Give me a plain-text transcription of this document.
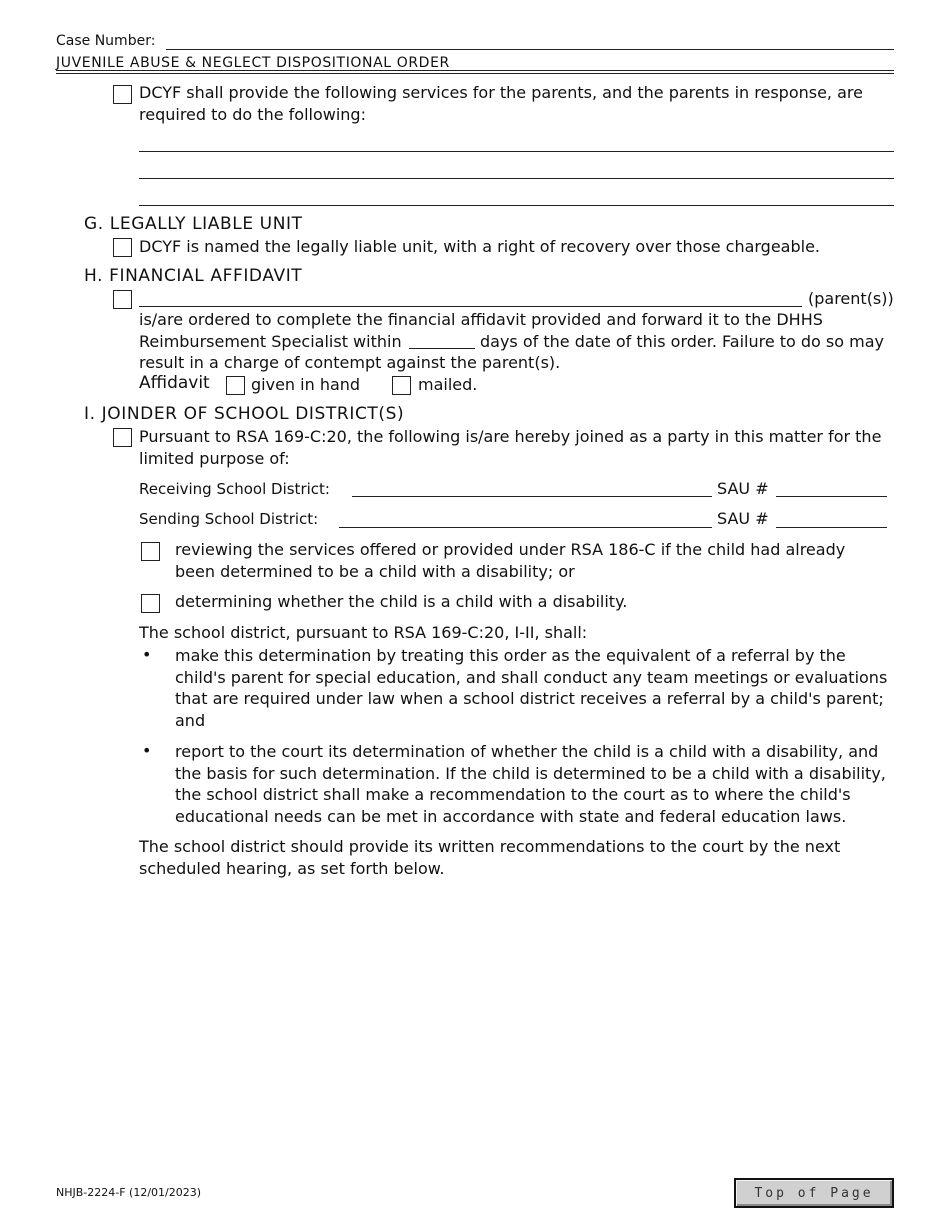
Case Number:
JUVENILE ABUSE & NEGLECT DISPOSITIONAL ORDER
DCYF shall provide the following services for the parents, and the parents in response, are required to do the following:
G. LEGALLY LIABLE UNIT
DCYF is named the legally liable unit, with a right of recovery over those chargeable.
H. FINANCIAL AFFIDAVIT
(parent(s))
is/are ordered to complete the financial affidavit provided and forward it to the DHHS
Reimbursement Specialist within	days of the date of this order. Failure to do so may
result in a charge of contempt against the parent(s).
Affidavit	given in hand	mailed.
I. JOINDER OF SCHOOL DISTRICT(S)
Pursuant to RSA 169-C:20, the following is/are hereby joined as a party in this matter for the limited purpose of:
Receiving School District:	SAU #
Sending School District:	SAU #
reviewing the services offered or provided under RSA 186-C if the child had already been determined to be a child with a disability; or
determining whether the child is a child with a disability.
The school district, pursuant to RSA 169-C:20, I-II, shall:
• make this determination by treating this order as the equivalent of a referral by the child's parent for special education, and shall conduct any team meetings or evaluations that are required under law when a school district receives a referral by a child's parent; and
• report to the court its determination of whether the child is a child with a disability, and the basis for such determination. If the child is determined to be a child with a disability, the school district shall make a recommendation to the court as to where the child's educational needs can be met in accordance with state and federal education laws.
The school district should provide its written recommendations to the court by the next scheduled hearing, as set forth below.
NHJB-2224-F (12/01/2023)	Top of Page
